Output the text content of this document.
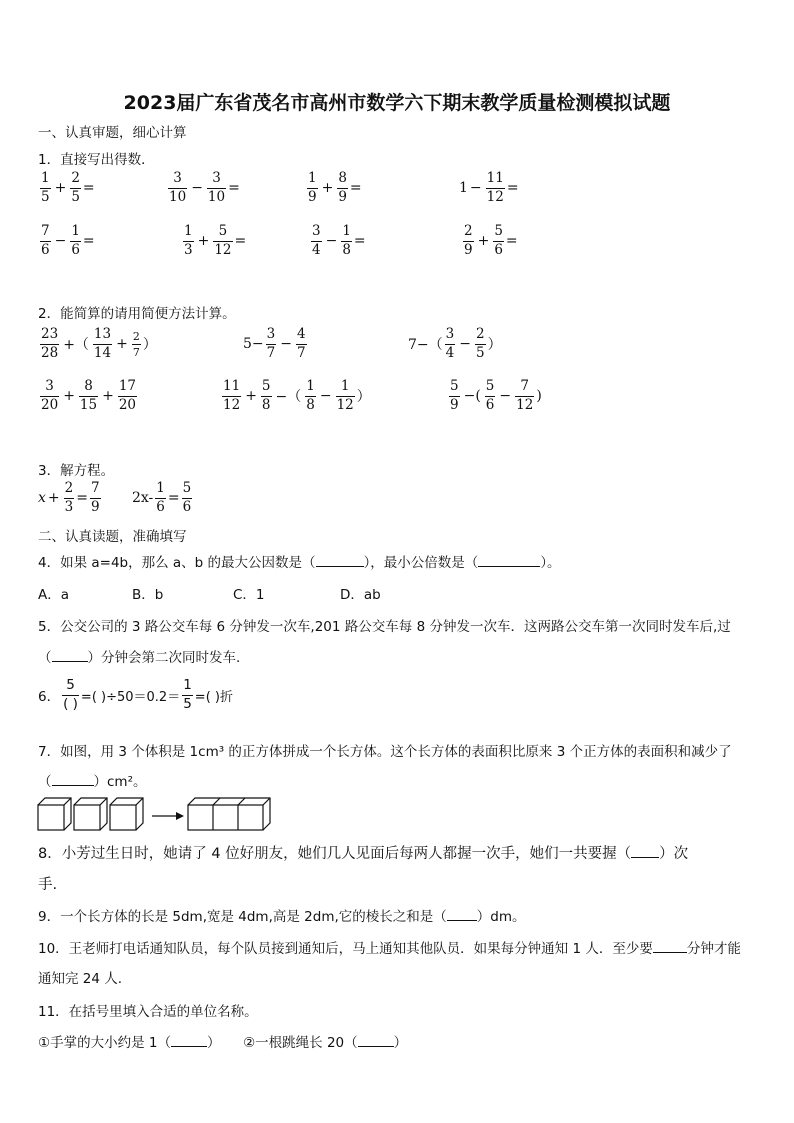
2023届广东省茂名市高州市数学六下期末教学质量检测模拟试题
一、认真审题，细心计算
1．直接写出得数．
$\frac{1}{5} + \frac{2}{5}$ =	$\frac{3}{10} - \frac{3}{10}$ =	$\frac{1}{9} + \frac{8}{9}$ =	$1 - \frac{11}{12}$ =
$\frac{7}{6} - \frac{1}{6}$ =	$\frac{1}{3} + \frac{5}{12}$ =	$\frac{3}{4} - \frac{1}{8}$ =	$\frac{2}{9} + \frac{5}{6}$ =
2．能简算的请用简便方法计算。
$\frac{23}{28}$ +（ $\frac{13}{14} + \frac{2}{7}$ ）	$5- \frac{3}{7} - \frac{4}{7}$	$7-( \frac{3}{4} - \frac{2}{5}$ ）
$\frac{3}{20} + \frac{8}{15} + \frac{17}{20}$	$\frac{11}{12} + \frac{5}{8}$ −（ $\frac{1}{8} - \frac{1}{12}$ ）	$\frac{5}{9}$ −( $\frac{5}{6} - \frac{7}{12}$ )
3．解方程。
$x + \frac{2}{3} = \frac{7}{9} 2x- \frac{1}{6} = \frac{5}{6}$
二、认真读题，准确填写
4．如果 a=4b，那么 a、b 的最大公因数是（	），最小公倍数是（	）。
A．a	B．b	C．1	D．ab
5．公交公司的 3 路公交车每 6 分钟发一次车,201 路公交车每 8 分钟发一次车．这两路公交车第一次同时发车后,过
（	）分钟会第二次同时发车.
6． $\frac{5}{( )}$ =( )$\div 50=0.2= \frac{1}{5}$ =( )折
7．如图，用 3 个体积是 1cm³ 的正方体拼成一个长方体。这个长方体的表面积比原来 3 个正方体的表面积和减少了
（	）cm²。
8．小芳过生日时，她请了 4 位好朋友，她们几人见面后每两人都握一次手，她们一共要握（ ）次
手.
9．一个长方体的长是 5dm,宽是 4dm,高是 2dm,它的棱长之和是（ ）dm。
10．王老师打电话通知队员，每个队员接到通知后，马上通知其他队员．如果每分钟通知 1 人．至少要	分钟才能
通知完 24 人.
11．在括号里填入合适的单位名称。
①手掌的大小约是 1（	） ②一根跳绳长 20（	）
